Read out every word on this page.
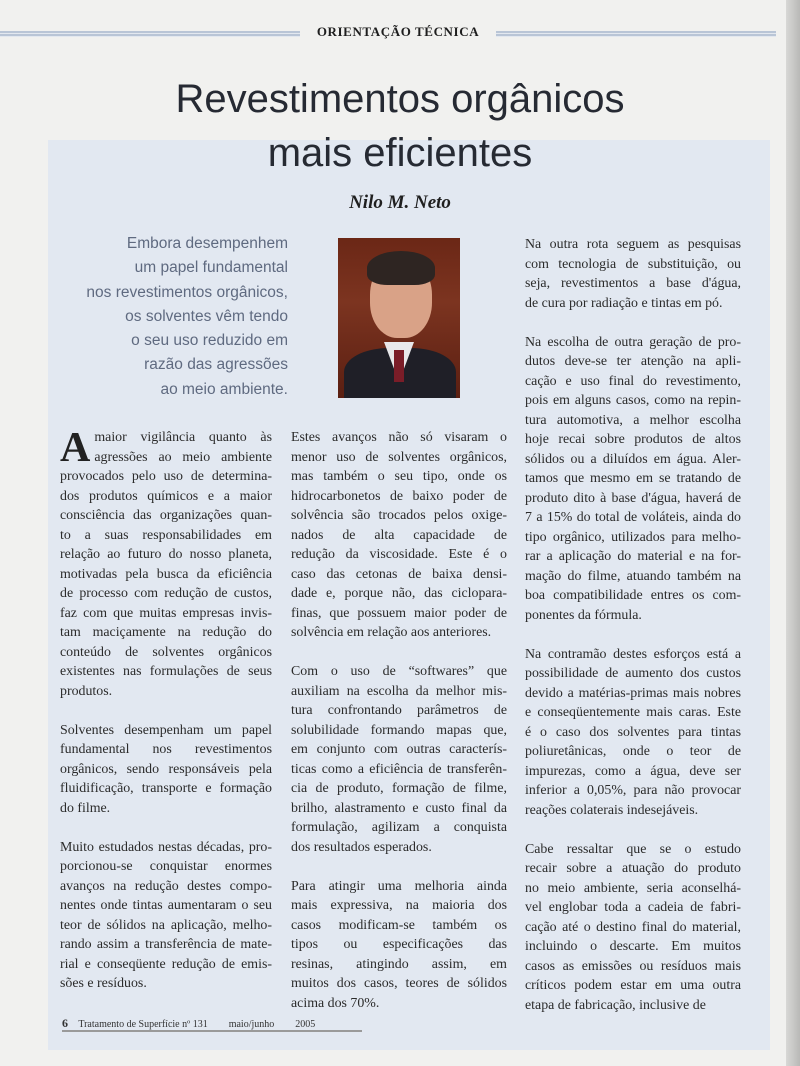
ORIENTAÇÃO TÉCNICA
Revestimentos orgânicos
mais eficientes
Nilo M. Neto
Embora desempenhem
um papel fundamental
nos revestimentos orgânicos,
os solventes vêm tendo
o seu uso reduzido em
razão das agressões
ao meio ambiente.

A maior vigilância quanto às
agressões ao meio ambiente
provocados pelo uso de determina-
dos produtos químicos e a maior
consciência das organizações quan-
to a suas responsabilidades em
relação ao futuro do nosso planeta,
motivadas pela busca da eficiência
de processo com redução de custos,
faz com que muitas empresas invis-
tam maciçamente na redução do
conteúdo de solventes orgânicos
existentes nas formulações de seus
produtos.

Solventes desempenham um papel
fundamental nos revestimentos
orgânicos, sendo responsáveis pela
fluidificação, transporte e formação
do filme.

Muito estudados nestas décadas, pro-
porcionou-se conquistar enormes
avanços na redução destes compo-
nentes onde tintas aumentaram o seu
teor de sólidos na aplicação, melho-
rando assim a transferência de mate-
rial e conseqüente redução de emis-
sões e resíduos.

Estes avanços não só visaram o
menor uso de solventes orgânicos,
mas também o seu tipo, onde os
hidrocarbonetos de baixo poder de
solvência são trocados pelos oxige-
nados de alta capacidade de
redução da viscosidade. Este é o
caso das cetonas de baixa densi-
dade e, porque não, das cicloparа-
finas, que possuem maior poder de
solvência em relação aos anteriores.

Com o uso de “softwares” que
auxiliam na escolha da melhor mis-
tura confrontando parâmetros de
solubilidade formando mapas que,
em conjunto com outras caracterís-
ticas como a eficiência de transferên-
cia de produto, formação de filme,
brilho, alastramento e custo final da
formulação, agilizam a conquista
dos resultados esperados.

Para atingir uma melhoria ainda
mais expressiva, na maioria dos
casos modificam-se também os
tipos ou especificações das
resinas, atingindo assim, em
muitos dos casos, teores de sólidos
acima dos 70%.

Na outra rota seguem as pesquisas
com tecnologia de substituição, ou
seja, revestimentos a base d'água,
de cura por radiação e tintas em pó.

Na escolha de outra geração de pro-
dutos deve-se ter atenção na apli-
cação e uso final do revestimento,
pois em alguns casos, como na repin-
tura automotiva, a melhor escolha
hoje recai sobre produtos de altos
sólidos ou a diluídos em água. Aler-
tamos que mesmo em se tratando de
produto dito à base d'água, haverá de
7 a 15% do total de voláteis, ainda do
tipo orgânico, utilizados para melho-
rar a aplicação do material e na for-
mação do filme, atuando também na
boa compatibilidade entres os com-
ponentes da fórmula.

Na contramão destes esforços está a
possibilidade de aumento dos custos
devido a matérias-primas mais nobres
e conseqüentemente mais caras. Este
é o caso dos solventes para tintas
poliuretânicas, onde o teor de
impurezas, como a água, deve ser
inferior a 0,05%, para não provocar
reações colaterais indesejáveis.

Cabe ressaltar que se o estudo
recair sobre a atuação do produto
no meio ambiente, seria aconselhá-
vel englobar toda a cadeia de fabri-
cação até o destino final do material,
incluindo o descarte. Em muitos
casos as emissões ou resíduos mais
críticos podem estar em uma outra
etapa de fabricação, inclusive de

6 Tratamento de Superfície nº 131 maio/junho 2005
